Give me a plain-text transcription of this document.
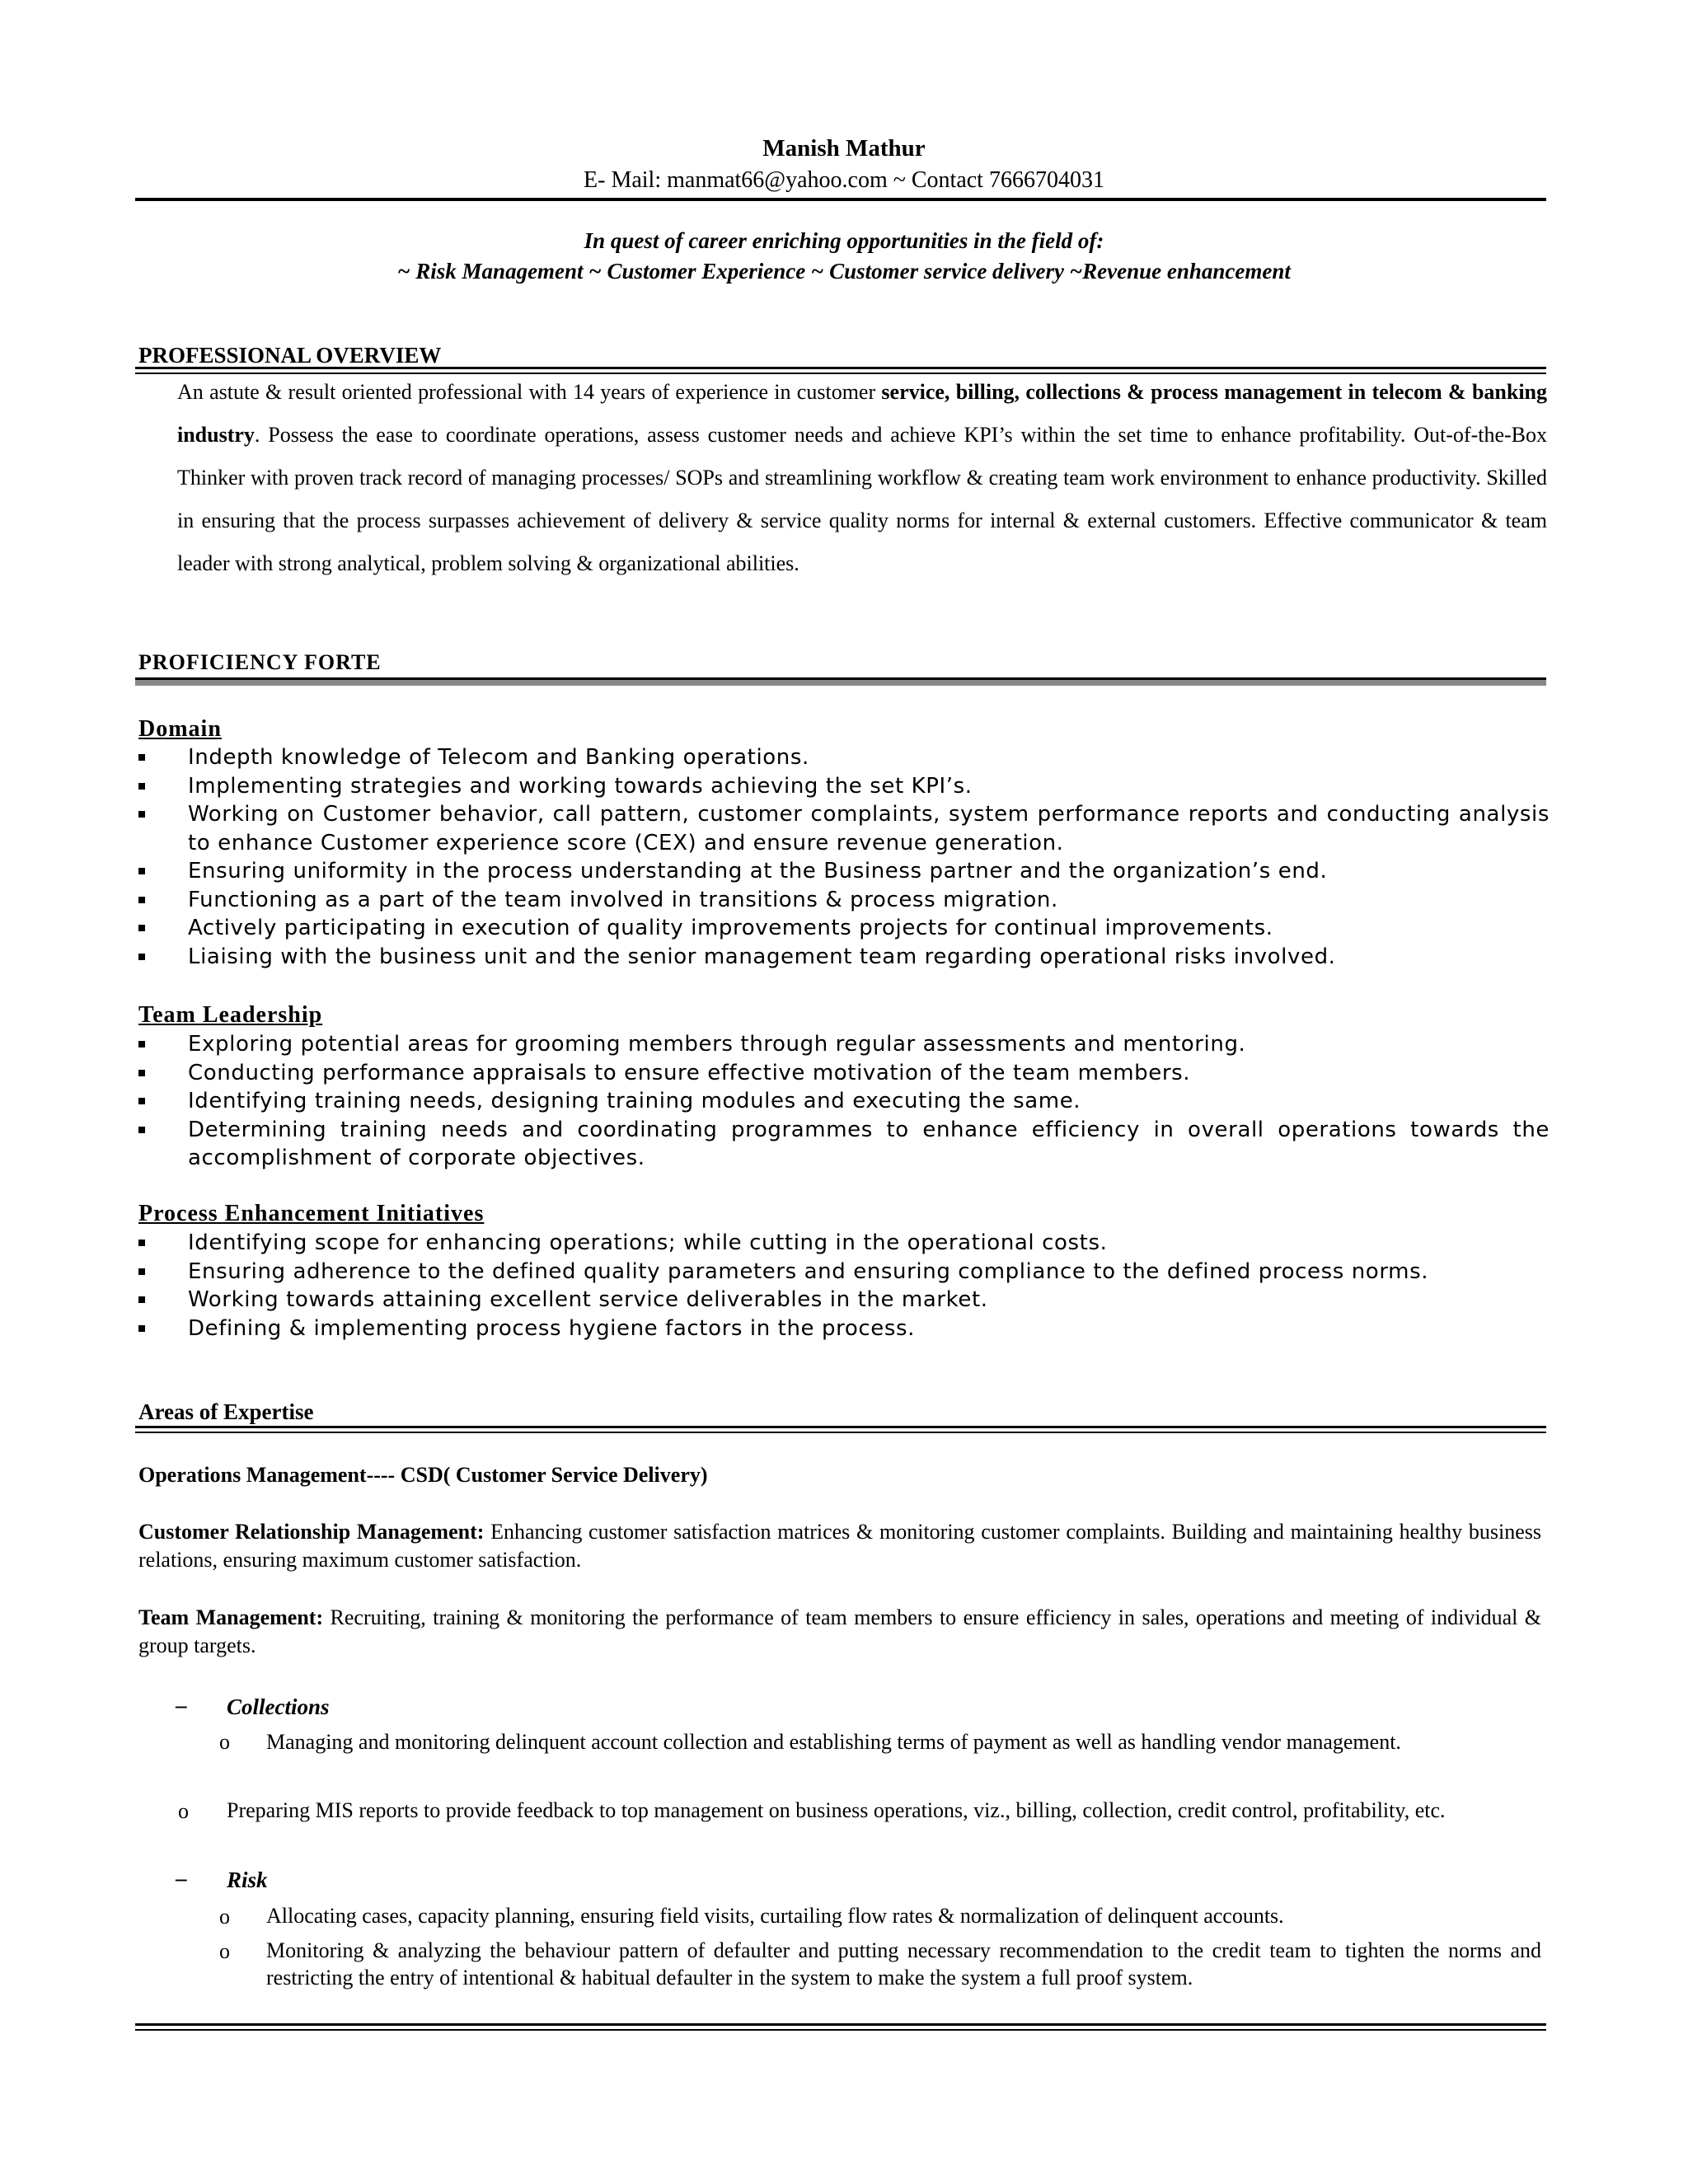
Manish Mathur
E- Mail: manmat66@yahoo.com ~ Contact 7666704031
In quest of career enriching opportunities in the field of:
~ Risk Management ~ Customer Experience ~ Customer service delivery ~Revenue enhancement
PROFESSIONAL OVERVIEW
An astute & result oriented professional with 14 years of experience in customer service, billing, collections & process management in telecom & banking industry. Possess the ease to coordinate operations, assess customer needs and achieve KPI’s within the set time to enhance profitability. Out-of-the-Box Thinker with proven track record of managing processes/ SOPs and streamlining workflow & creating team work environment to enhance productivity. Skilled in ensuring that the process surpasses achievement of delivery & service quality norms for internal & external customers. Effective communicator & team leader with strong analytical, problem solving & organizational abilities.
PROFICIENCY FORTE
Domain
Indepth knowledge of Telecom and Banking operations.
Implementing strategies and working towards achieving the set KPI’s.
Working on Customer behavior, call pattern, customer complaints, system performance reports and conducting analysis to enhance Customer experience score (CEX) and ensure revenue generation.
Ensuring uniformity in the process understanding at the Business partner and the organization’s end.
Functioning as a part of the team involved in transitions & process migration.
Actively participating in execution of quality improvements projects for continual improvements.
Liaising with the business unit and the senior management team regarding operational risks involved.
Team Leadership
Exploring potential areas for grooming members through regular assessments and mentoring.
Conducting performance appraisals to ensure effective motivation of the team members.
Identifying training needs, designing training modules and executing the same.
Determining training needs and coordinating programmes to enhance efficiency in overall operations towards the accomplishment of corporate objectives.
Process Enhancement Initiatives
Identifying scope for enhancing operations; while cutting in the operational costs.
Ensuring adherence to the defined quality parameters and ensuring compliance to the defined process norms.
Working towards attaining excellent service deliverables in the market.
Defining & implementing process hygiene factors in the process.
Areas of Expertise
Operations Management---- CSD( Customer Service Delivery)
Customer Relationship Management: Enhancing customer satisfaction matrices & monitoring customer complaints. Building and maintaining healthy business relations, ensuring maximum customer satisfaction.
Team Management: Recruiting, training & monitoring the performance of team members to ensure efficiency in sales, operations and meeting of individual & group targets.
– Collections
o Managing and monitoring delinquent account collection and establishing terms of payment as well as handling vendor management.
o Preparing MIS reports to provide feedback to top management on business operations, viz., billing, collection, credit control, profitability, etc.
– Risk
o Allocating cases, capacity planning, ensuring field visits, curtailing flow rates & normalization of delinquent accounts.
o Monitoring & analyzing the behaviour pattern of defaulter and putting necessary recommendation to the credit team to tighten the norms and restricting the entry of intentional & habitual defaulter in the system to make the system a full proof system.
